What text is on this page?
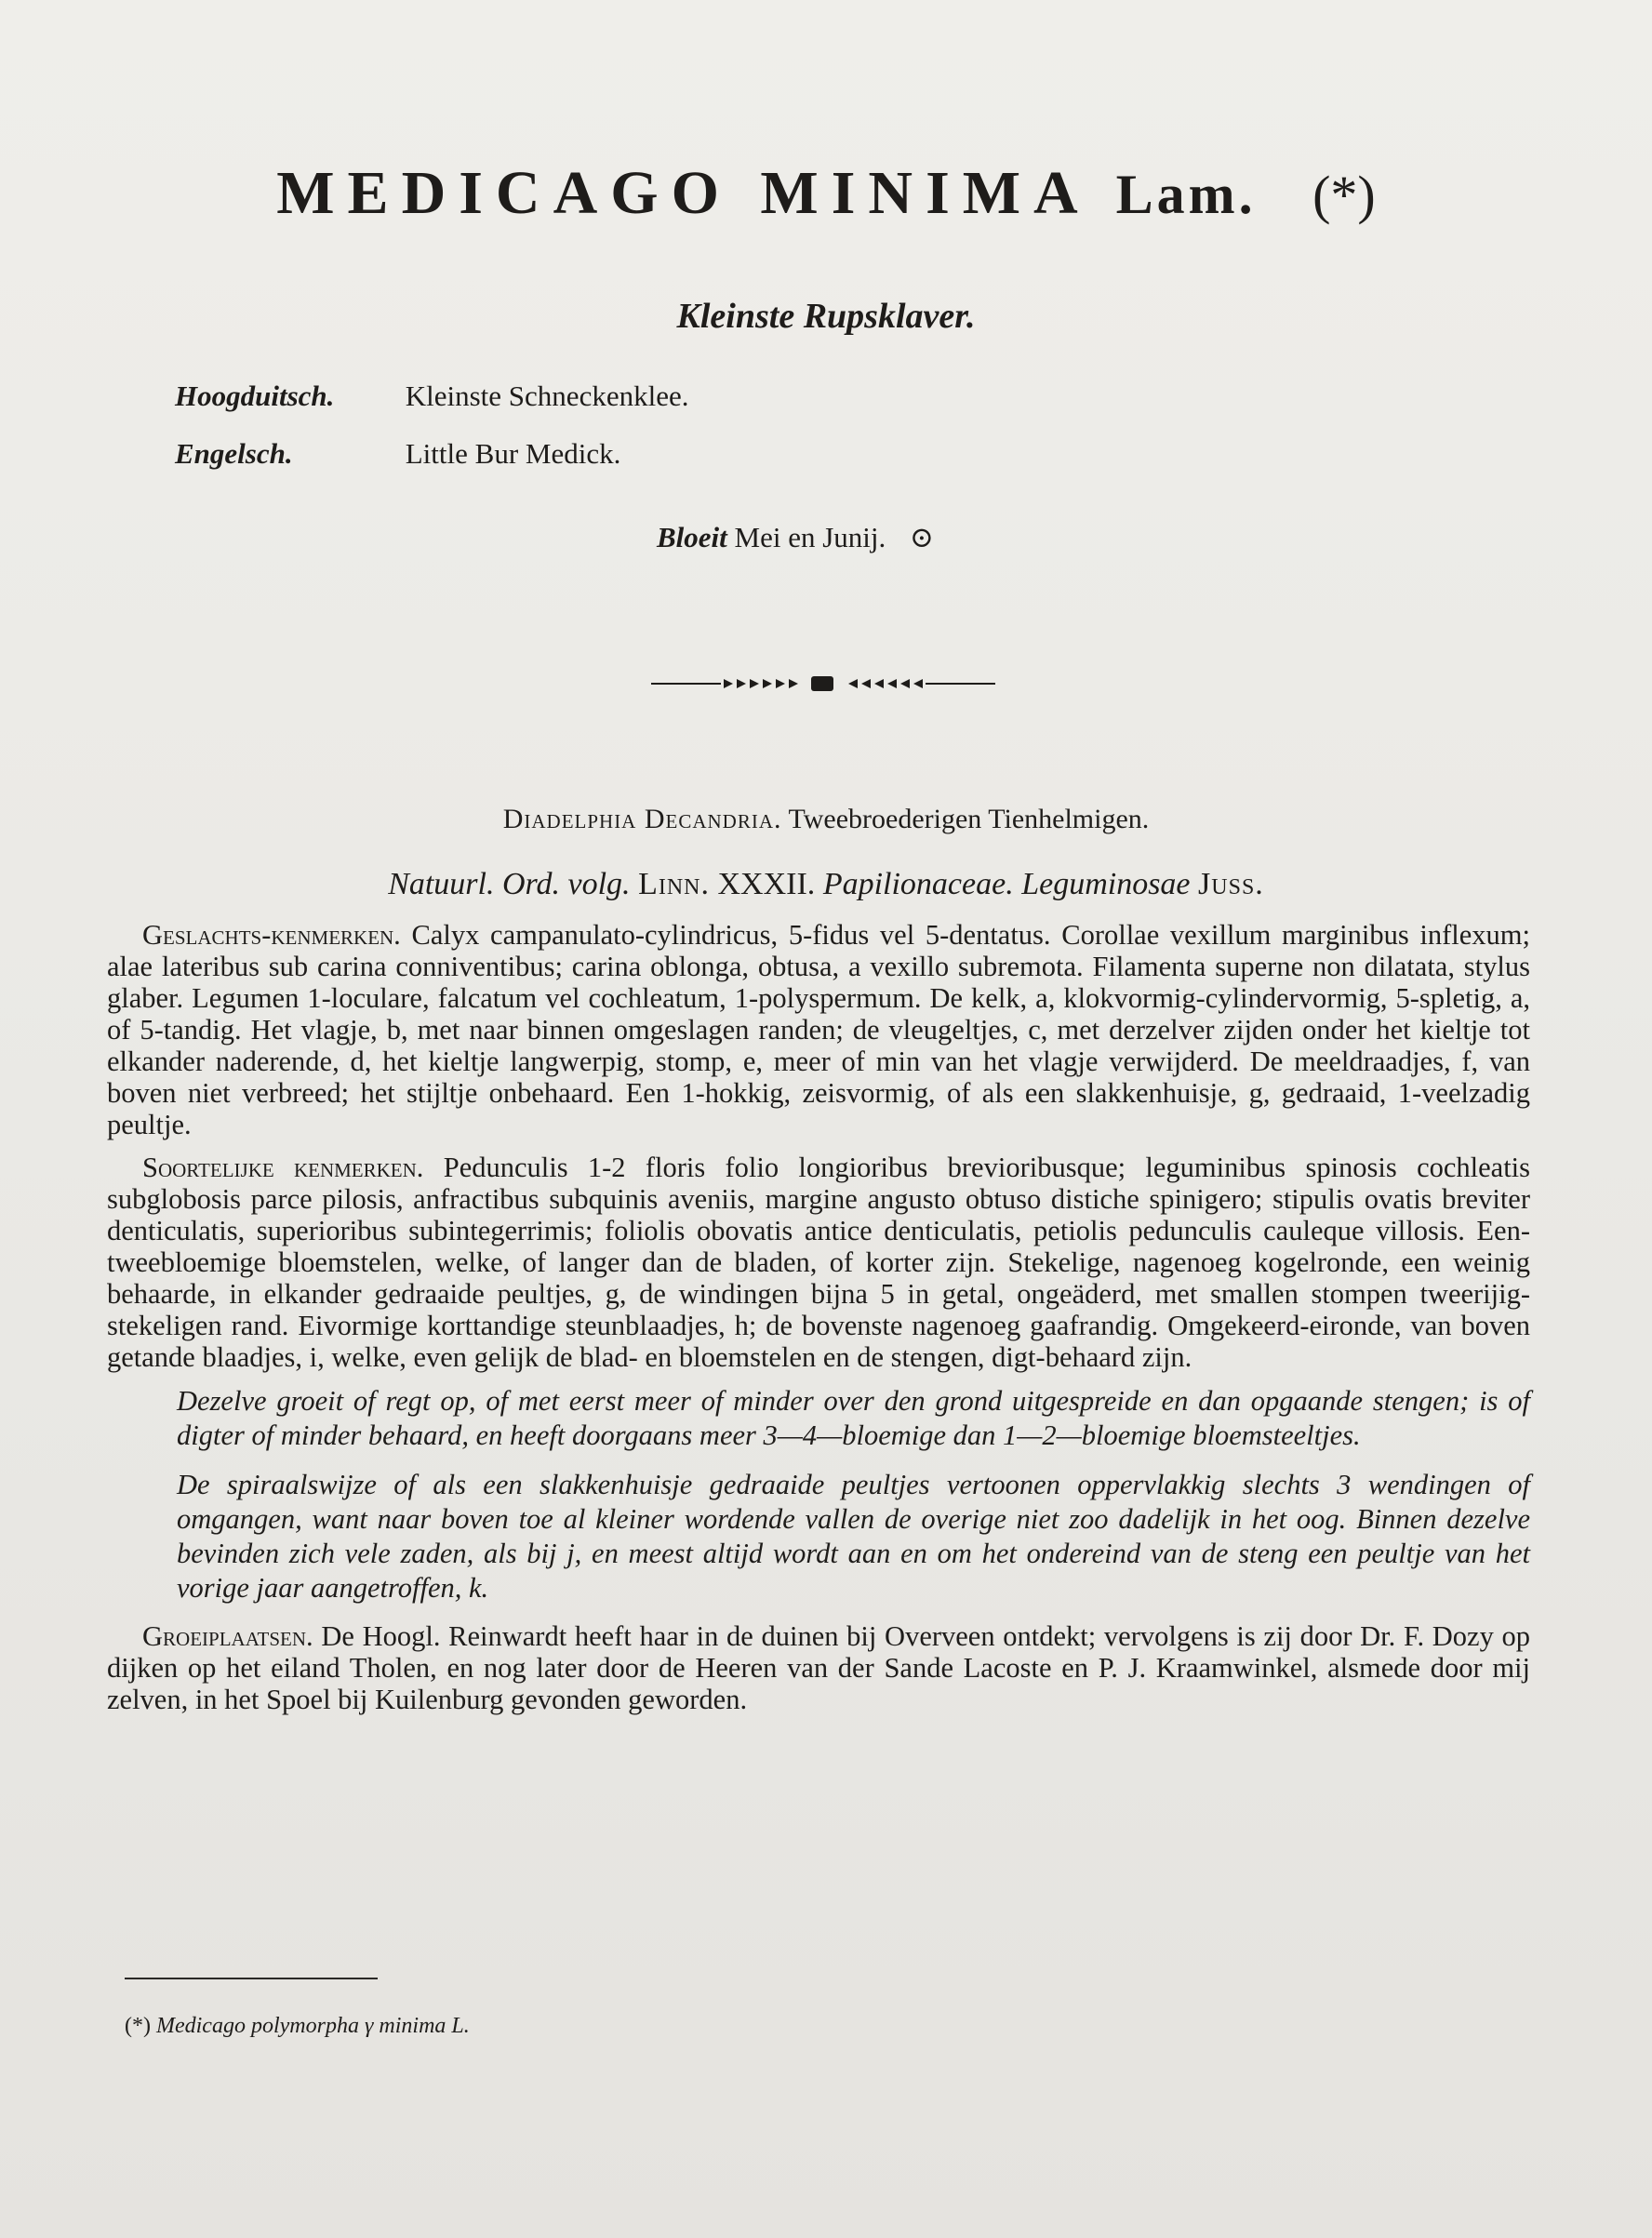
MEDICAGO MINIMA Lam. (*)
Kleinste Rupsklaver.
Hoogduitsch. Kleinste Schneckenklee.
Engelsch.	Little Bur Medick.
Bloeit Mei en Junij. ⊙
Diadelphia Decandria. Tweebroederigen Tienhelmigen.
Natuurl. Ord. volg. Linn. XXXII. Papilionaceae. Leguminosae Juss.

Geslachts-kenmerken. Calyx campanulato-cylindricus, 5-fidus vel 5-dentatus. Corollae vexillum marginibus inflexum; alae lateribus sub carina conniventibus; carina oblonga, obtusa, a vexillo subremota. Filamenta superne non dilatata, stylus glaber. Legumen 1-loculare, falcatum vel cochleatum, 1-polyspermum. De kelk, a, klokvormig-cylindervormig, 5-spletig, a, of 5-tandig. Het vlagje, b, met naar binnen omgeslagen randen; de vleugeltjes, c, met derzelver zijden onder het kieltje tot elkander naderende, d, het kieltje langwerpig, stomp, e, meer of min van het vlagje verwijderd. De meeldraadjes, f, van boven niet verbreed; het stijltje onbehaard. Een 1-hokkig, zeisvormig, of als een slakkenhuisje, g, gedraaid, 1-veelzadig peultje.

Soortelijke kenmerken. Pedunculis 1-2 floris folio longioribus brevioribusque; leguminibus spinosis cochleatis subglobosis parce pilosis, anfractibus subquinis aveniis, margine angusto obtuso distiche spinigero; stipulis ovatis breviter denticulatis, superioribus subintegerrimis; foliolis obovatis antice denticulatis, petiolis pedunculis cauleque villosis. Een-tweebloemige bloemstelen, welke, of langer dan de bladen, of korter zijn. Stekelige, nagenoeg kogelronde, een weinig behaarde, in elkander gedraaide peultjes, g, de windingen bijna 5 in getal, ongeäderd, met smallen stompen tweerijig-stekeligen rand. Eivormige korttandige steunblaadjes, h; de bovenste nagenoeg gaafrandig. Omgekeerd-eironde, van boven getande blaadjes, i, welke, even gelijk de blad- en bloemstelen en de stengen, digt-behaard zijn.

Dezelve groeit of regt op, of met eerst meer of minder over den grond uitgespreide en dan opgaande stengen; is of digter of minder behaard, en heeft doorgaans meer 3—4—bloemige dan 1—2—bloemige bloemsteeltjes.

De spiraalswijze of als een slakkenhuisje gedraaide peultjes vertoonen oppervlakkig slechts 3 wendingen of omgangen, want naar boven toe al kleiner wordende vallen de overige niet zoo dadelijk in het oog. Binnen dezelve bevinden zich vele zaden, als bij j, en meest altijd wordt aan en om het ondereind van de steng een peultje van het vorige jaar aangetroffen, k.

Groeiplaatsen. De Hoogl. Reinwardt heeft haar in de duinen bij Overveen ontdekt; vervolgens is zij door Dr. F. Dozy op dijken op het eiland Tholen, en nog later door de Heeren van der Sande Lacoste en P. J. Kraamwinkel, alsmede door mij zelven, in het Spoel bij Kuilenburg gevonden geworden.

(*) Medicago polymorpha γ minima L.
